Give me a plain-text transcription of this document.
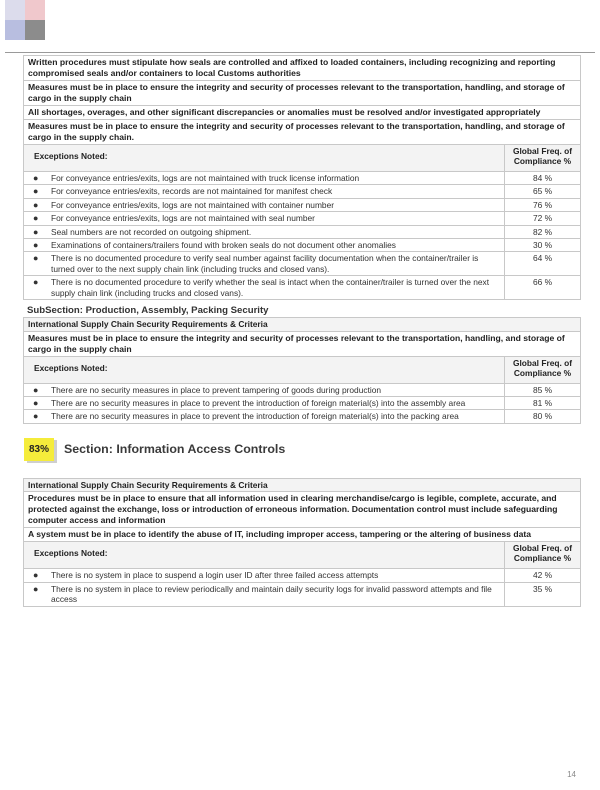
Written procedures must stipulate how seals are controlled and affixed to loaded containers, including recognizing and reporting compromised seals and/or containers to local Customs authorities	
Measures must be in place to ensure the integrity and security of processes relevant to the transportation, handling, and storage of cargo in the supply chain	
All shortages, overages, and other significant discrepancies or anomalies must be resolved and/or investigated appropriately	
Measures must be in place to ensure the integrity and security of processes relevant to the transportation, handling, and storage of cargo in the supply chain.	
Exceptions Noted:	Global Freq. of Compliance %

● For conveyance entries/exits, logs are not maintained with truck license information	84 %

● For conveyance entries/exits, records are not maintained for manifest check	65 %

● For conveyance entries/exits, logs are not maintained with container number	76 %

● For conveyance entries/exits, logs are not maintained with seal number	72 %

● Seal numbers are not recorded on outgoing shipment.	82 %

● Examinations of containers/trailers found with broken seals do not document other anomalies	30 %

● There is no documented procedure to verify seal number against facility documentation when the container/trailer is turned over to the next supply chain link (including trucks and closed vans).	64 %

● There is no documented procedure to verify whether the seal is intact when the container/trailer is turned over the next supply chain link (including trucks and closed vans).	66 %
SubSection: Production, Assembly, Packing Security
International Supply Chain Security Requirements & Criteria	
Measures must be in place to ensure the integrity and security of processes relevant to the transportation, handling, and storage of cargo in the supply chain	
Exceptions Noted:	Global Freq. of Compliance %

● There are no security measures in place to prevent tampering of goods during production	85 %

● There are no security measures in place to prevent the introduction of foreign material(s) into the assembly area	81 %

● There are no security measures in place to prevent the introduction of foreign material(s) into the packing area	80 %
83%	Section: Information Access Controls
International Supply Chain Security Requirements & Criteria	
Procedures must be in place to ensure that all information used in clearing merchandise/cargo is legible, complete, accurate, and protected against the exchange, loss or introduction of erroneous information. Documentation control must include safeguarding computer access and information	
A system must be in place to identify the abuse of IT, including improper access, tampering or the altering of business data	
Exceptions Noted:	Global Freq. of Compliance %

● There is no system in place to suspend a login user ID after three failed access attempts	42 %

● There is no system in place to review periodically and maintain daily security logs for invalid password attempts and file access	35 %
14
